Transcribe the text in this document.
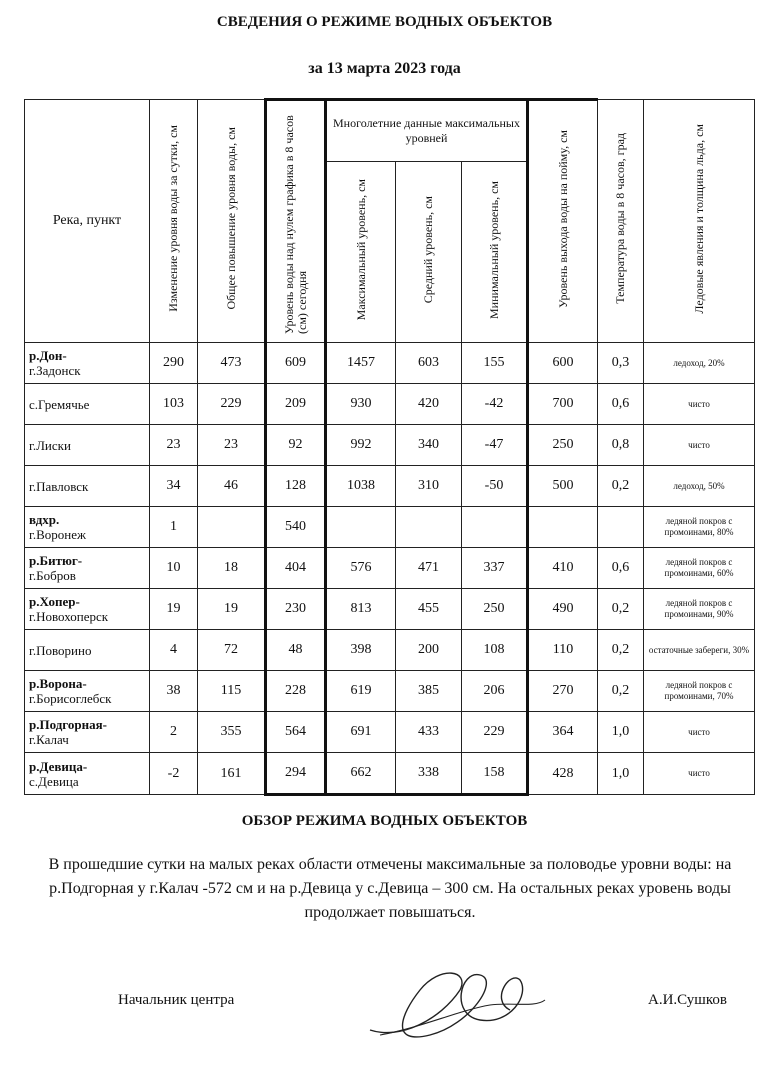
СВЕДЕНИЯ О РЕЖИМЕ ВОДНЫХ ОБЪЕКТОВ
за 13 марта 2023 года
Река, пункт	Изменение уровня воды за сутки, см	Общее повышение уровня воды, см	Уровень воды над нулем графика в 8 часов (см) сегодня	Многолетние данные максимальных уровней			Уровень выхода воды на пойму, см	Температура воды в 8 часов, град	Ледовые явления и толщина льда, см
				Максимальный уровень, см	Средний уровень, см	Минимальный уровень, см			

р.Дон-
г.Задонск	290	473	609	1457	603	155	600	0,3	ледоход, 20%

с.Гремячье	103	229	209	930	420	-42	700	0,6	чисто

г.Лиски	23	23	92	992	340	-47	250	0,8	чисто

г.Павловск	34	46	128	1038	310	-50	500	0,2	ледоход, 50%

вдхр.
г.Воронеж	1		540						ледяной покров с промоинами, 80%

р.Битюг-
г.Бобров	10	18	404	576	471	337	410	0,6	ледяной покров с промоинами, 60%

р.Хопер-
г.Новохоперск	19	19	230	813	455	250	490	0,2	ледяной покров с промоинами, 90%

г.Поворино	4	72	48	398	200	108	110	0,2	остаточные забереги, 30%

р.Ворона-
г.Борисоглебск	38	115	228	619	385	206	270	0,2	ледяной покров с промоинами, 70%

р.Подгорная-
г.Калач	2	355	564	691	433	229	364	1,0	чисто

р.Девица-
с.Девица	-2	161	294	662	338	158	428	1,0	чисто
ОБЗОР РЕЖИМА ВОДНЫХ ОБЪЕКТОВ
В прошедшие сутки на малых реках области отмечены максимальные за половодье уровни воды: на р.Подгорная у г.Калач -572 см и на р.Девица у с.Девица – 300 см. На остальных реках уровень воды продолжает повышаться.
Начальник центра	А.И.Сушков
